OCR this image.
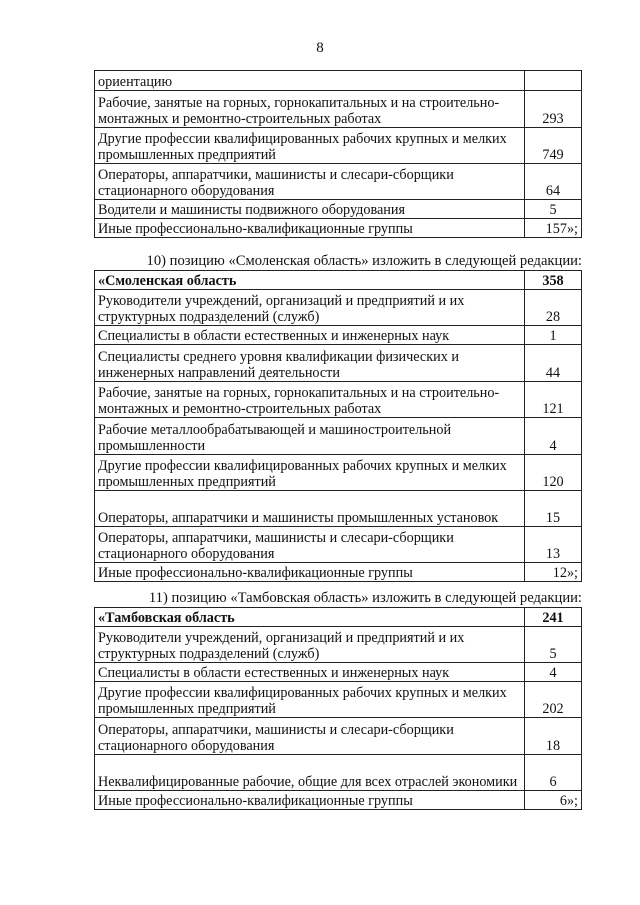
8
ориентацию	
Рабочие, занятые на горных, горнокапитальных и на строительно-монтажных и ремонтно-строительных работах	293
Другие профессии квалифицированных рабочих крупных и мелких промышленных предприятий	749
Операторы, аппаратчики, машинисты и слесари-сборщики стационарного оборудования	64
Водители и машинисты подвижного оборудования	5
Иные профессионально-квалификационные группы	157»;
10) позицию «Смоленская область» изложить в следующей редакции:
«Смоленская область	358
Руководители учреждений, организаций и предприятий и их структурных подразделений (служб)	28
Специалисты в области естественных и инженерных наук	1
Специалисты среднего уровня квалификации физических и инженерных направлений деятельности	44
Рабочие, занятые на горных, горнокапитальных и на строительно-монтажных и ремонтно-строительных работах	121
Рабочие металлообрабатывающей и машиностроительной промышленности	4
Другие профессии квалифицированных рабочих крупных и мелких промышленных предприятий	120
Операторы, аппаратчики и машинисты промышленных установок	15
Операторы, аппаратчики, машинисты и слесари-сборщики стационарного оборудования	13
Иные профессионально-квалификационные группы	12»;
11) позицию «Тамбовская область» изложить в следующей редакции:
«Тамбовская область	241
Руководители учреждений, организаций и предприятий и их структурных подразделений (служб)	5
Специалисты в области естественных и инженерных наук	4
Другие профессии квалифицированных рабочих крупных и мелких промышленных предприятий	202
Операторы, аппаратчики, машинисты и слесари-сборщики стационарного оборудования	18
Неквалифицированные рабочие, общие для всех отраслей экономики	6
Иные профессионально-квалификационные группы	6»;
